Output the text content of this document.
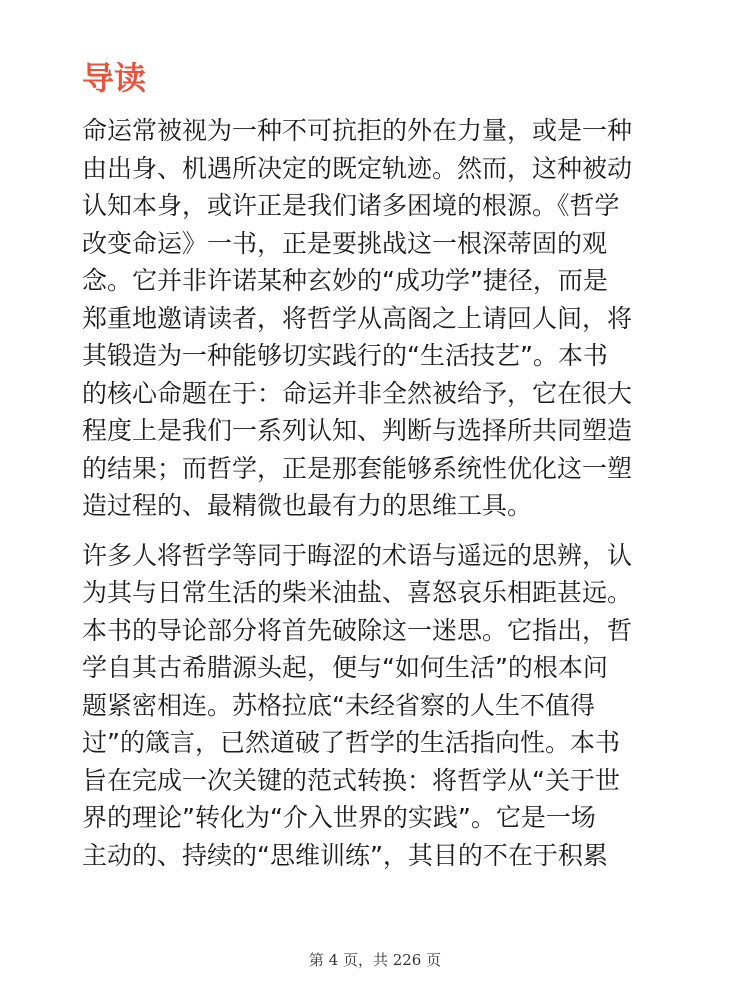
导读

命运常被视为一种不可抗拒的外在力量，或是一种
由出身、机遇所决定的既定轨迹。然而，这种被动
认知本身，或许正是我们诸多困境的根源。《哲学
改变命运》一书，正是要挑战这一根深蒂固的观
念。它并非许诺某种玄妙的“成功学”捷径，而是
郑重地邀请读者，将哲学从高阁之上请回人间，将
其锻造为一种能够切实践行的“生活技艺”。本书
的核心命题在于：命运并非全然被给予，它在很大
程度上是我们一系列认知、判断与选择所共同塑造
的结果；而哲学，正是那套能够系统性优化这一塑
造过程的、最精微也最有力的思维工具。

许多人将哲学等同于晦涩的术语与遥远的思辨，认
为其与日常生活的柴米油盐、喜怒哀乐相距甚远。
本书的导论部分将首先破除这一迷思。它指出，哲
学自其古希腊源头起，便与“如何生活”的根本问
题紧密相连。苏格拉底“未经省察的人生不值得
过”的箴言，已然道破了哲学的生活指向性。本书
旨在完成一次关键的范式转换：将哲学从“关于世
界的理论”转化为“介入世界的实践”。它是一场
主动的、持续的“思维训练”，其目的不在于积累

第 4 页，共 226 页
